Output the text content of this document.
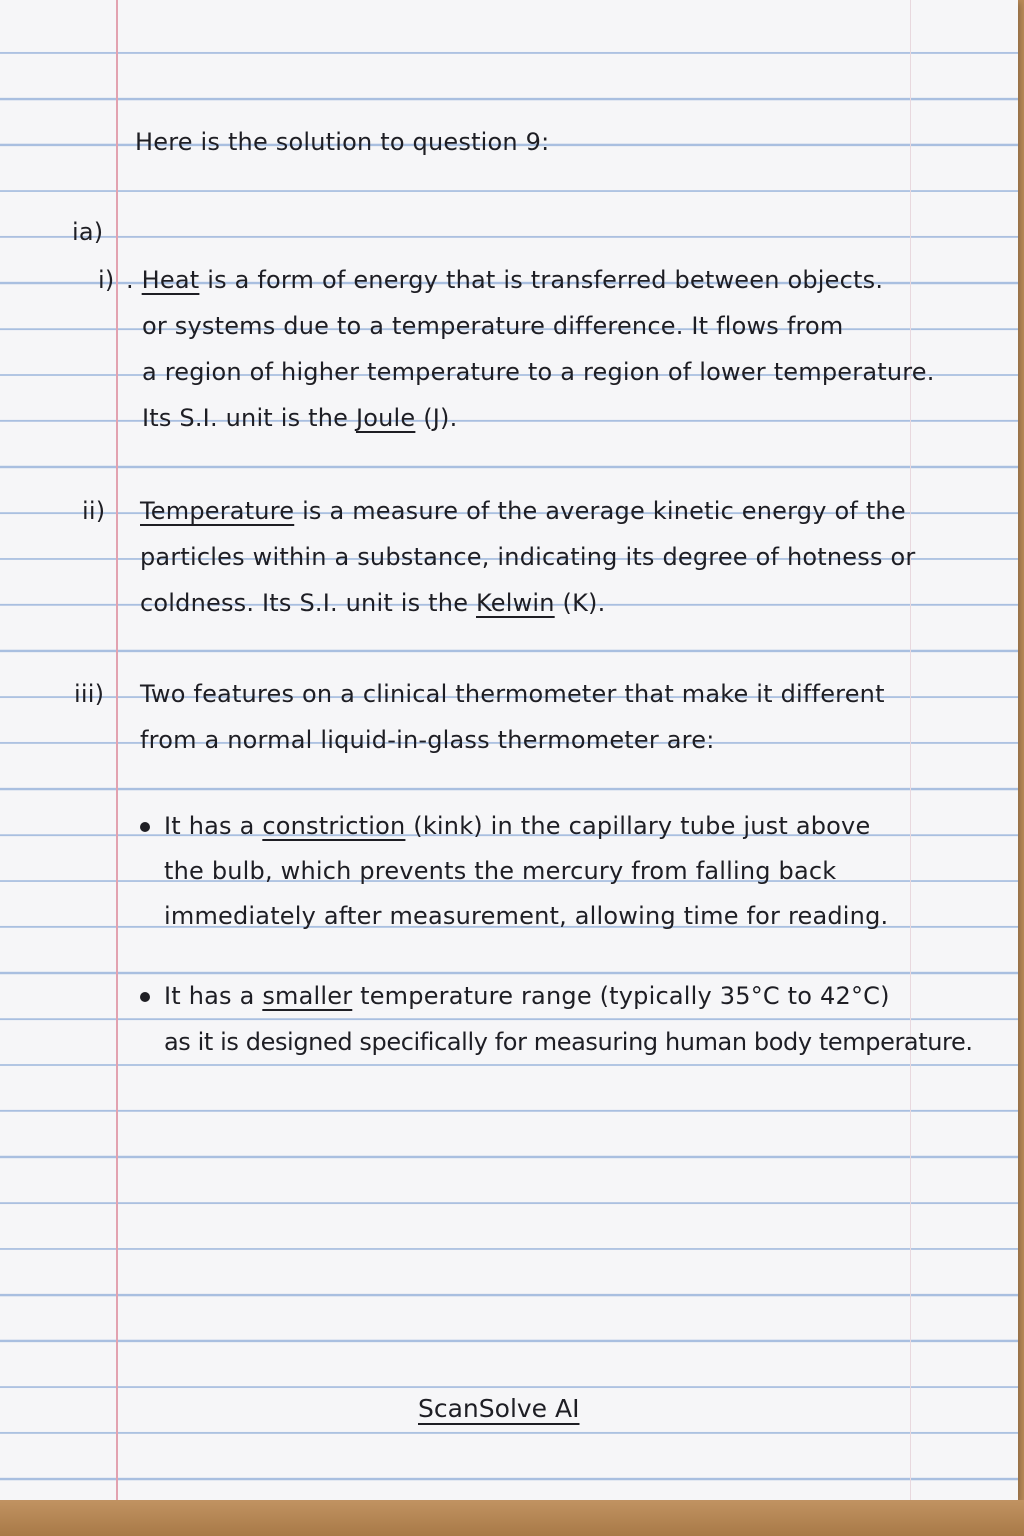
Here is the solution to question 9:
ia)
i) . Heat is a form of energy that is transferred between objects.
or systems due to a temperature difference. It flows from
a region of higher temperature to a region of lower temperature.
Its S.I. unit is the Joule (J).
ii) Temperature is a measure of the average kinetic energy of the
particles within a substance, indicating its degree of hotness or
coldness. Its S.I. unit is the Kelwin (K).
iii) Two features on a clinical thermometer that make it different
from a normal liquid-in-glass thermometer are:
It has a constriction (kink) in the capillary tube just above
the bulb, which prevents the mercury from falling back
immediately after measurement, allowing time for reading.
It has a smaller temperature range (typically 35°C to 42°C)
as it is designed specifically for measuring human body temperature.
ScanSolve AI
